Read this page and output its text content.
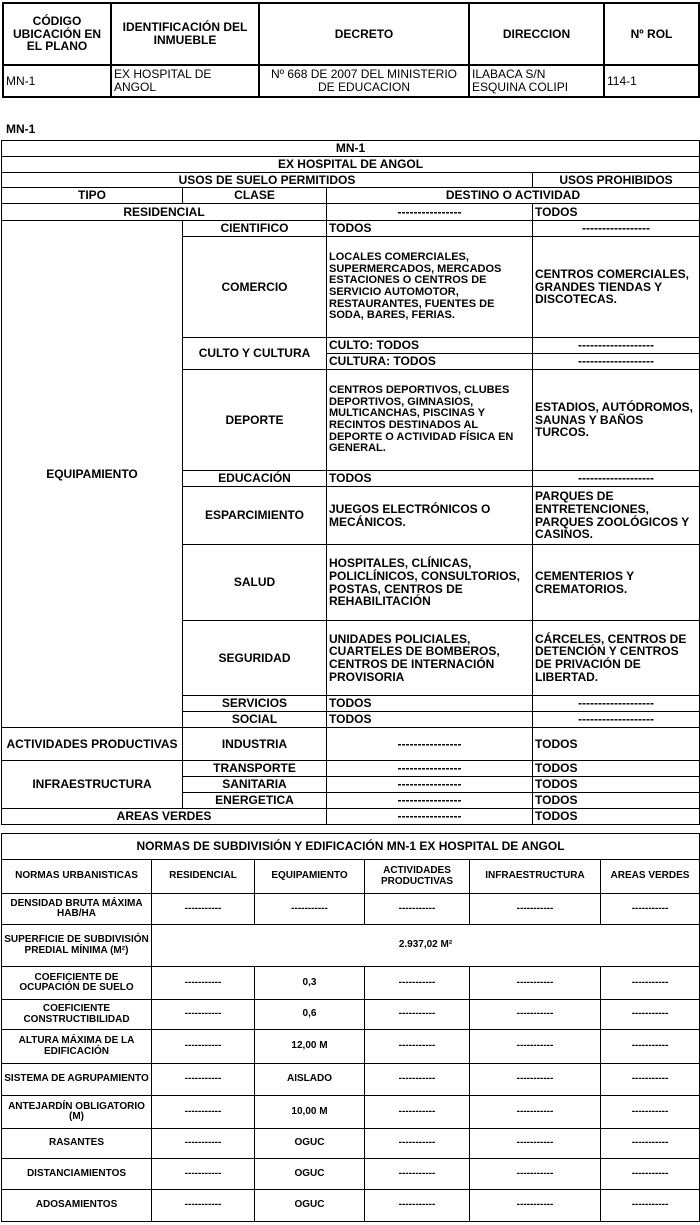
CÓDIGO UBICACIÓN EN EL PLANO	IDENTIFICACIÓN DEL INMUEBLE	DECRETO	DIRECCION	Nº ROL
MN-1	EX HOSPITAL DE ANGOL	Nº 668 DE 2007 DEL MINISTERIO DE EDUCACION	ILABACA S/N ESQUINA COLIPI	114-1
MN-1
MN-1			
EX HOSPITAL DE ANGOL			
USOS DE SUELO PERMITIDOS			USOS PROHIBIDOS
TIPO	CLASE	DESTINO O ACTIVIDAD	
RESIDENCIAL		----------------	TODOS
EQUIPAMIENTO	CIENTIFICO	TODOS	-----------------
	COMERCIO	LOCALES COMERCIALES, SUPERMERCADOS, MERCADOS ESTACIONES O CENTROS DE SERVICIO AUTOMOTOR, RESTAURANTES, FUENTES DE SODA, BARES, FERIAS.	CENTROS COMERCIALES, GRANDES TIENDAS Y DISCOTECAS.
	CULTO Y CULTURA	CULTO: TODOS	-------------------
		CULTURA: TODOS	-------------------
	DEPORTE	CENTROS DEPORTIVOS, CLUBES DEPORTIVOS, GIMNASIOS, MULTICANCHAS, PISCINAS Y RECINTOS DESTINADOS AL DEPORTE O ACTIVIDAD FÍSICA EN GENERAL.	ESTADIOS, AUTÓDROMOS, SAUNAS Y BAÑOS TURCOS.
	EDUCACIÓN	TODOS	-------------------
	ESPARCIMIENTO	JUEGOS ELECTRÓNICOS O MECÁNICOS.	PARQUES DE ENTRETENCIONES, PARQUES ZOOLÓGICOS Y CASINOS.
	SALUD	HOSPITALES, CLÍNICAS, POLICLÍNICOS, CONSULTORIOS, POSTAS, CENTROS DE REHABILITACIÓN	CEMENTERIOS Y CREMATORIOS.
	SEGURIDAD	UNIDADES POLICIALES, CUARTELES DE BOMBEROS, CENTROS DE INTERNACIÓN PROVISORIA	CÁRCELES, CENTROS DE DETENCIÓN Y CENTROS DE PRIVACIÓN DE LIBERTAD.
	SERVICIOS	TODOS	-------------------
	SOCIAL	TODOS	-------------------

ACTIVIDADES PRODUCTIVAS	INDUSTRIA	----------------	TODOS
INFRAESTRUCTURA	TRANSPORTE	----------------	TODOS
	SANITARIA	----------------	TODOS
	ENERGETICA	----------------	TODOS
AREAS VERDES		----------------	TODOS
NORMAS DE SUBDIVISIÓN Y EDIFICACIÓN MN-1 EX HOSPITAL DE ANGOL					
NORMAS URBANISTICAS	RESIDENCIAL	EQUIPAMIENTO	ACTIVIDADES PRODUCTIVAS	INFRAESTRUCTURA	AREAS VERDES
DENSIDAD BRUTA MÁXIMA HAB/HA	-----------	-----------	-----------	-----------	-----------
SUPERFICIE DE SUBDIVISIÓN PREDIAL MÍNIMA (M²)	2.937,02 M²				
COEFICIENTE DE OCUPACIÓN DE SUELO	-----------	0,3	-----------	-----------	-----------
COEFICIENTE CONSTRUCTIBILIDAD	-----------	0,6	-----------	-----------	-----------
ALTURA MÁXIMA DE LA EDIFICACIÓN	-----------	12,00 M	-----------	-----------	-----------
SISTEMA DE AGRUPAMIENTO	-----------	AISLADO	-----------	-----------	-----------
ANTEJARDÍN OBLIGATORIO (M)	-----------	10,00 M	-----------	-----------	-----------
RASANTES	-----------	OGUC	-----------	-----------	-----------
DISTANCIAMIENTOS	-----------	OGUC	-----------	-----------	-----------
ADOSAMIENTOS	-----------	OGUC	-----------	-----------	-----------
